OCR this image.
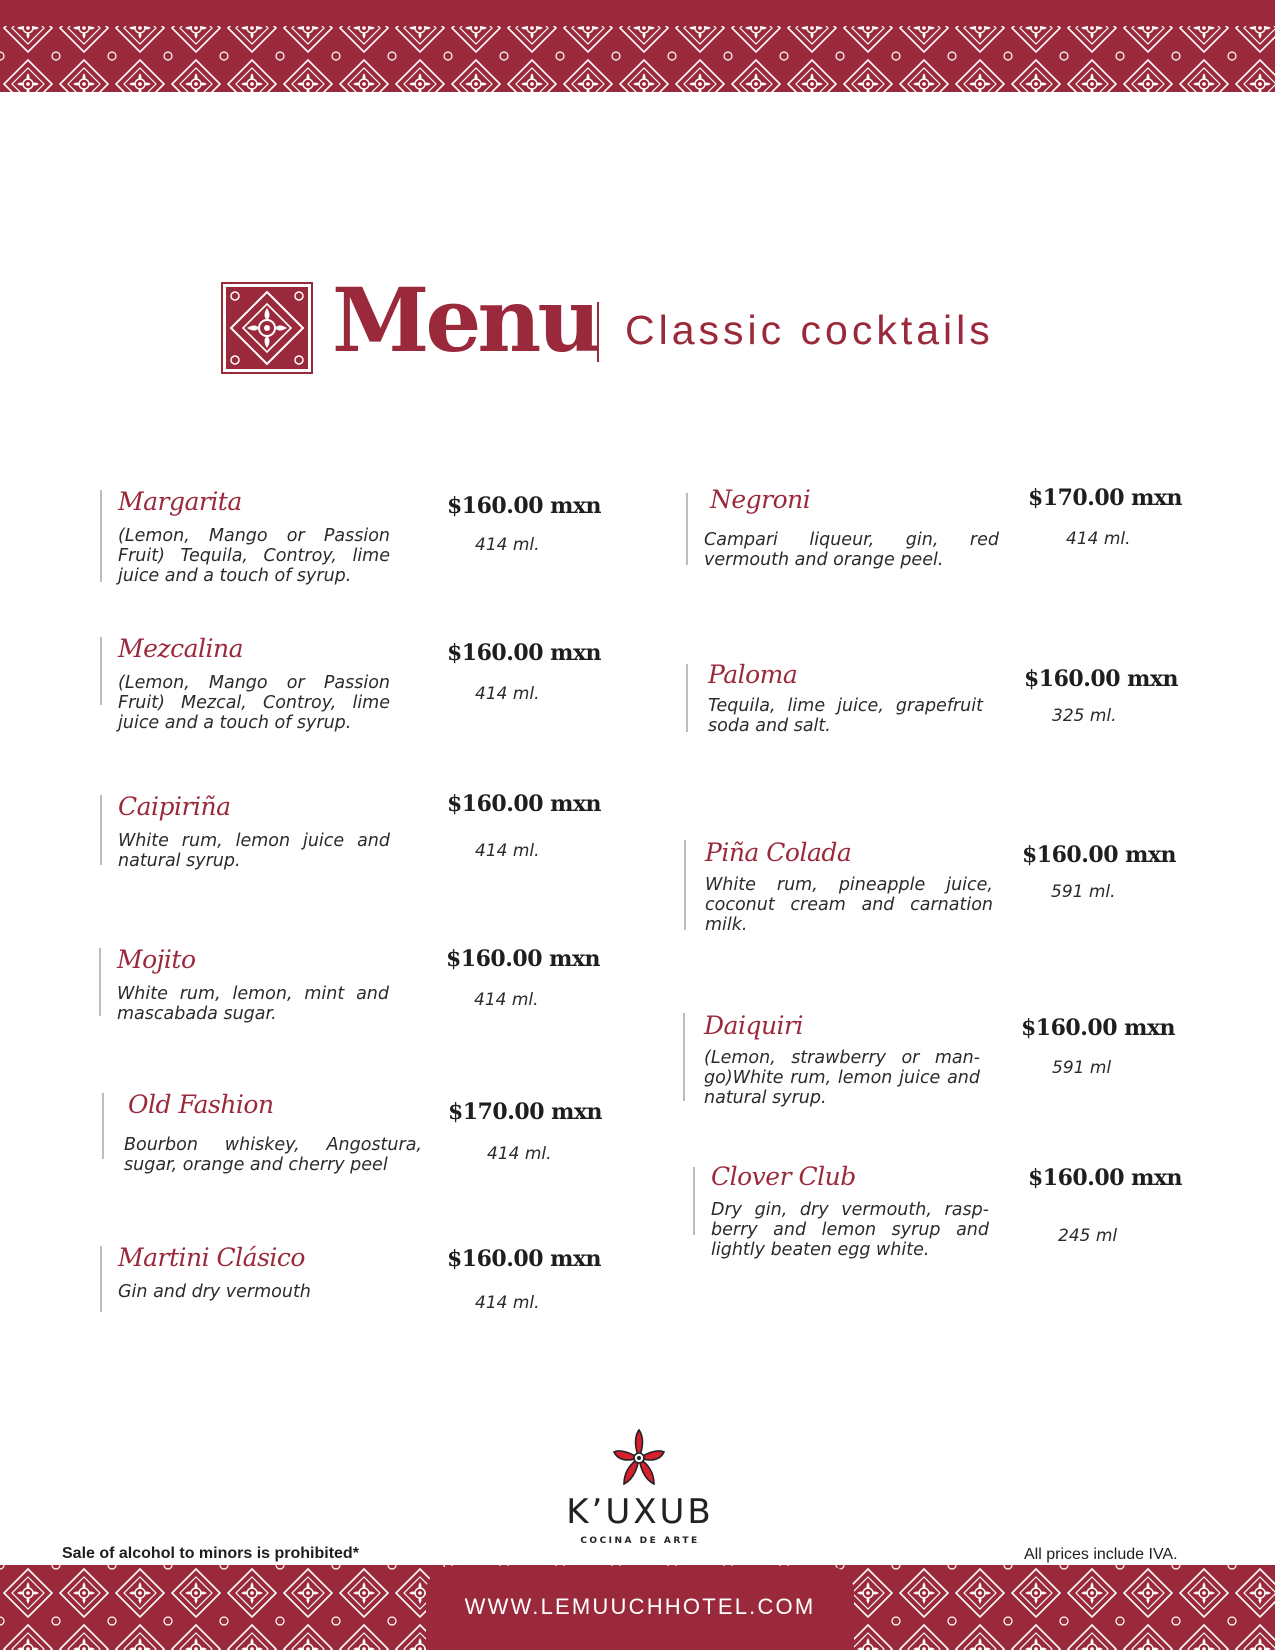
Menu Classic cocktails
Margarita
(Lemon, Mango or Passion Fruit) Tequila, Controy, lime juice and a touch of syrup.
$160.00 mxn
414 ml.
Mezcalina
(Lemon, Mango or Passion Fruit) Mezcal, Controy, lime juice and a touch of syrup.
$160.00 mxn
414 ml.
Caipiriña
White rum, lemon juice and natural syrup.
$160.00 mxn
414 ml.
Mojito
White rum, lemon, mint and mascabada sugar.
$160.00 mxn
414 ml.
Old Fashion
Bourbon whiskey, Angostura, sugar, orange and cherry peel
$170.00 mxn
414 ml.
Martini Clásico
Gin and dry vermouth
$160.00 mxn
414 ml.
Negroni
Campari liqueur, gin, red vermouth and orange peel.
$170.00 mxn
414 ml.
Paloma
Tequila, lime juice, grapefruit soda and salt.
$160.00 mxn
325 ml.
Piña Colada
White rum, pineapple juice, coconut cream and carnation milk.
$160.00 mxn
591 ml.
Daiquiri
(Lemon, strawberry or man-go)White rum, lemon juice and natural syrup.
$160.00 mxn
591 ml
Clover Club
Dry gin, dry vermouth, rasp-berry and lemon syrup and lightly beaten egg white.
$160.00 mxn
245 ml
K’UXUB
COCINA DE ARTE
Sale of alcohol to minors is prohibited*	All prices include IVA.
WWW.LEMUUCHHOTEL.COM
